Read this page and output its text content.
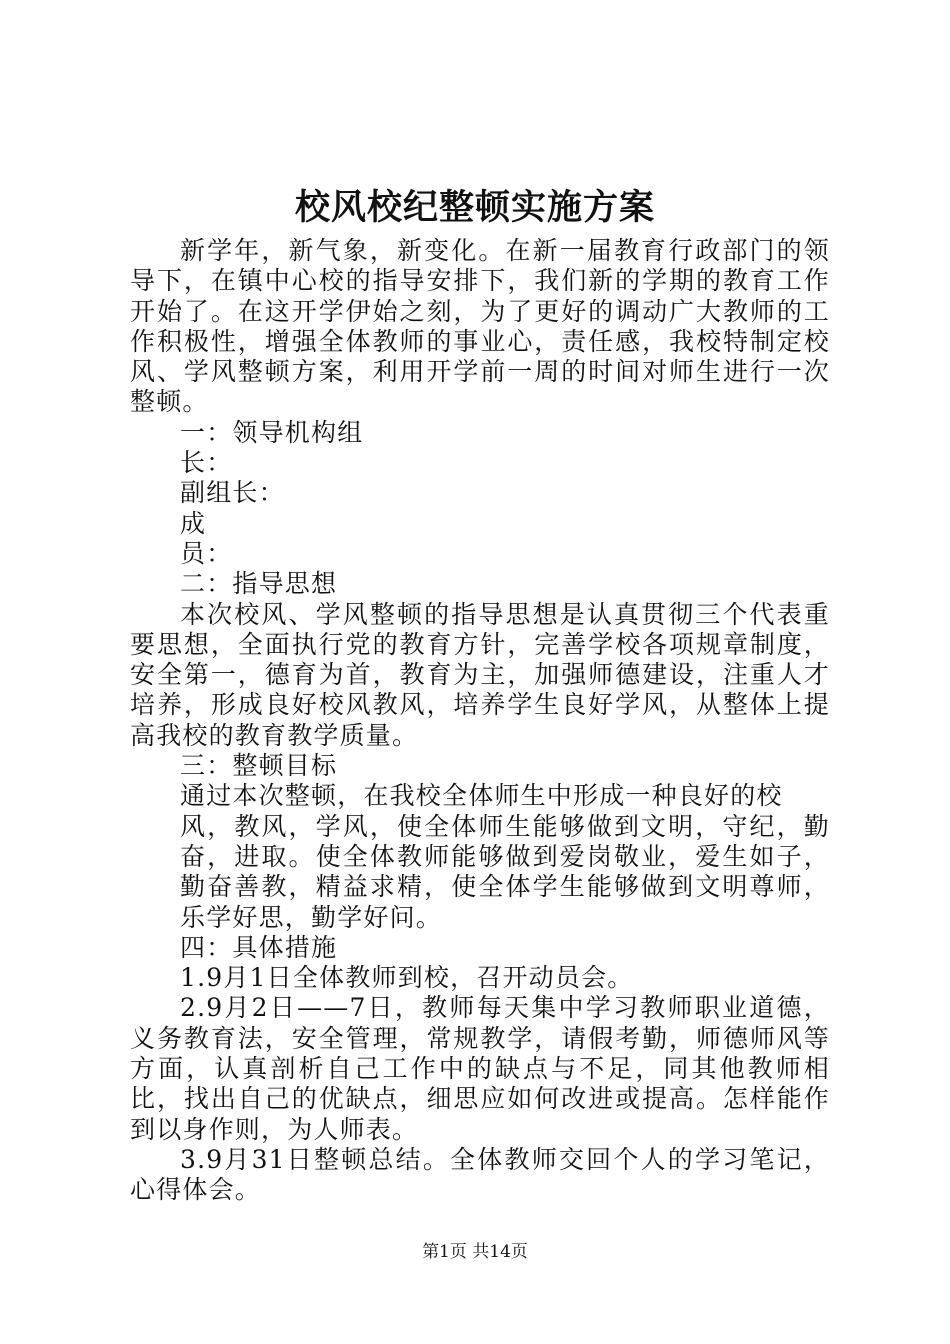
校风校纪整顿实施方案

新学年，新气象，新变化。在新一届教育行政部门的领导下，在镇中心校的指导安排下，我们新的学期的教育工作开始了。在这开学伊始之刻，为了更好的调动广大教师的工作积极性，增强全体教师的事业心，责任感，我校特制定校风、学风整顿方案，利用开学前一周的时间对师生进行一次整顿。

一：领导机构组
长：
副组长：
成
员：
二：指导思想

本次校风、学风整顿的指导思想是认真贯彻三个代表重要思想，全面执行党的教育方针，完善学校各项规章制度，安全第一，德育为首，教育为主，加强师德建设，注重人才培养，形成良好校风教风，培养学生良好学风，从整体上提高我校的教育教学质量。

三：整顿目标
通过本次整顿，在我校全体师生中形成一种良好的校

风，教风，学风，使全体师生能够做到文明，守纪，勤奋，进取。使全体教师能够做到爱岗敬业，爱生如子，勤奋善教，精益求精，使全体学生能够做到文明尊师，乐学好思，勤学好问。

四：具体措施

1.9月1日全体教师到校，召开动员会。

2.9月2日——7日，教师每天集中学习教师职业道德，义务教育法，安全管理，常规教学，请假考勤，师德师风等方面，认真剖析自己工作中的缺点与不足，同其他教师相比，找出自己的优缺点，细思应如何改进或提高。怎样能作到以身作则，为人师表。

3.9月31日整顿总结。全体教师交回个人的学习笔记，心得体会。

第1页 共14页
